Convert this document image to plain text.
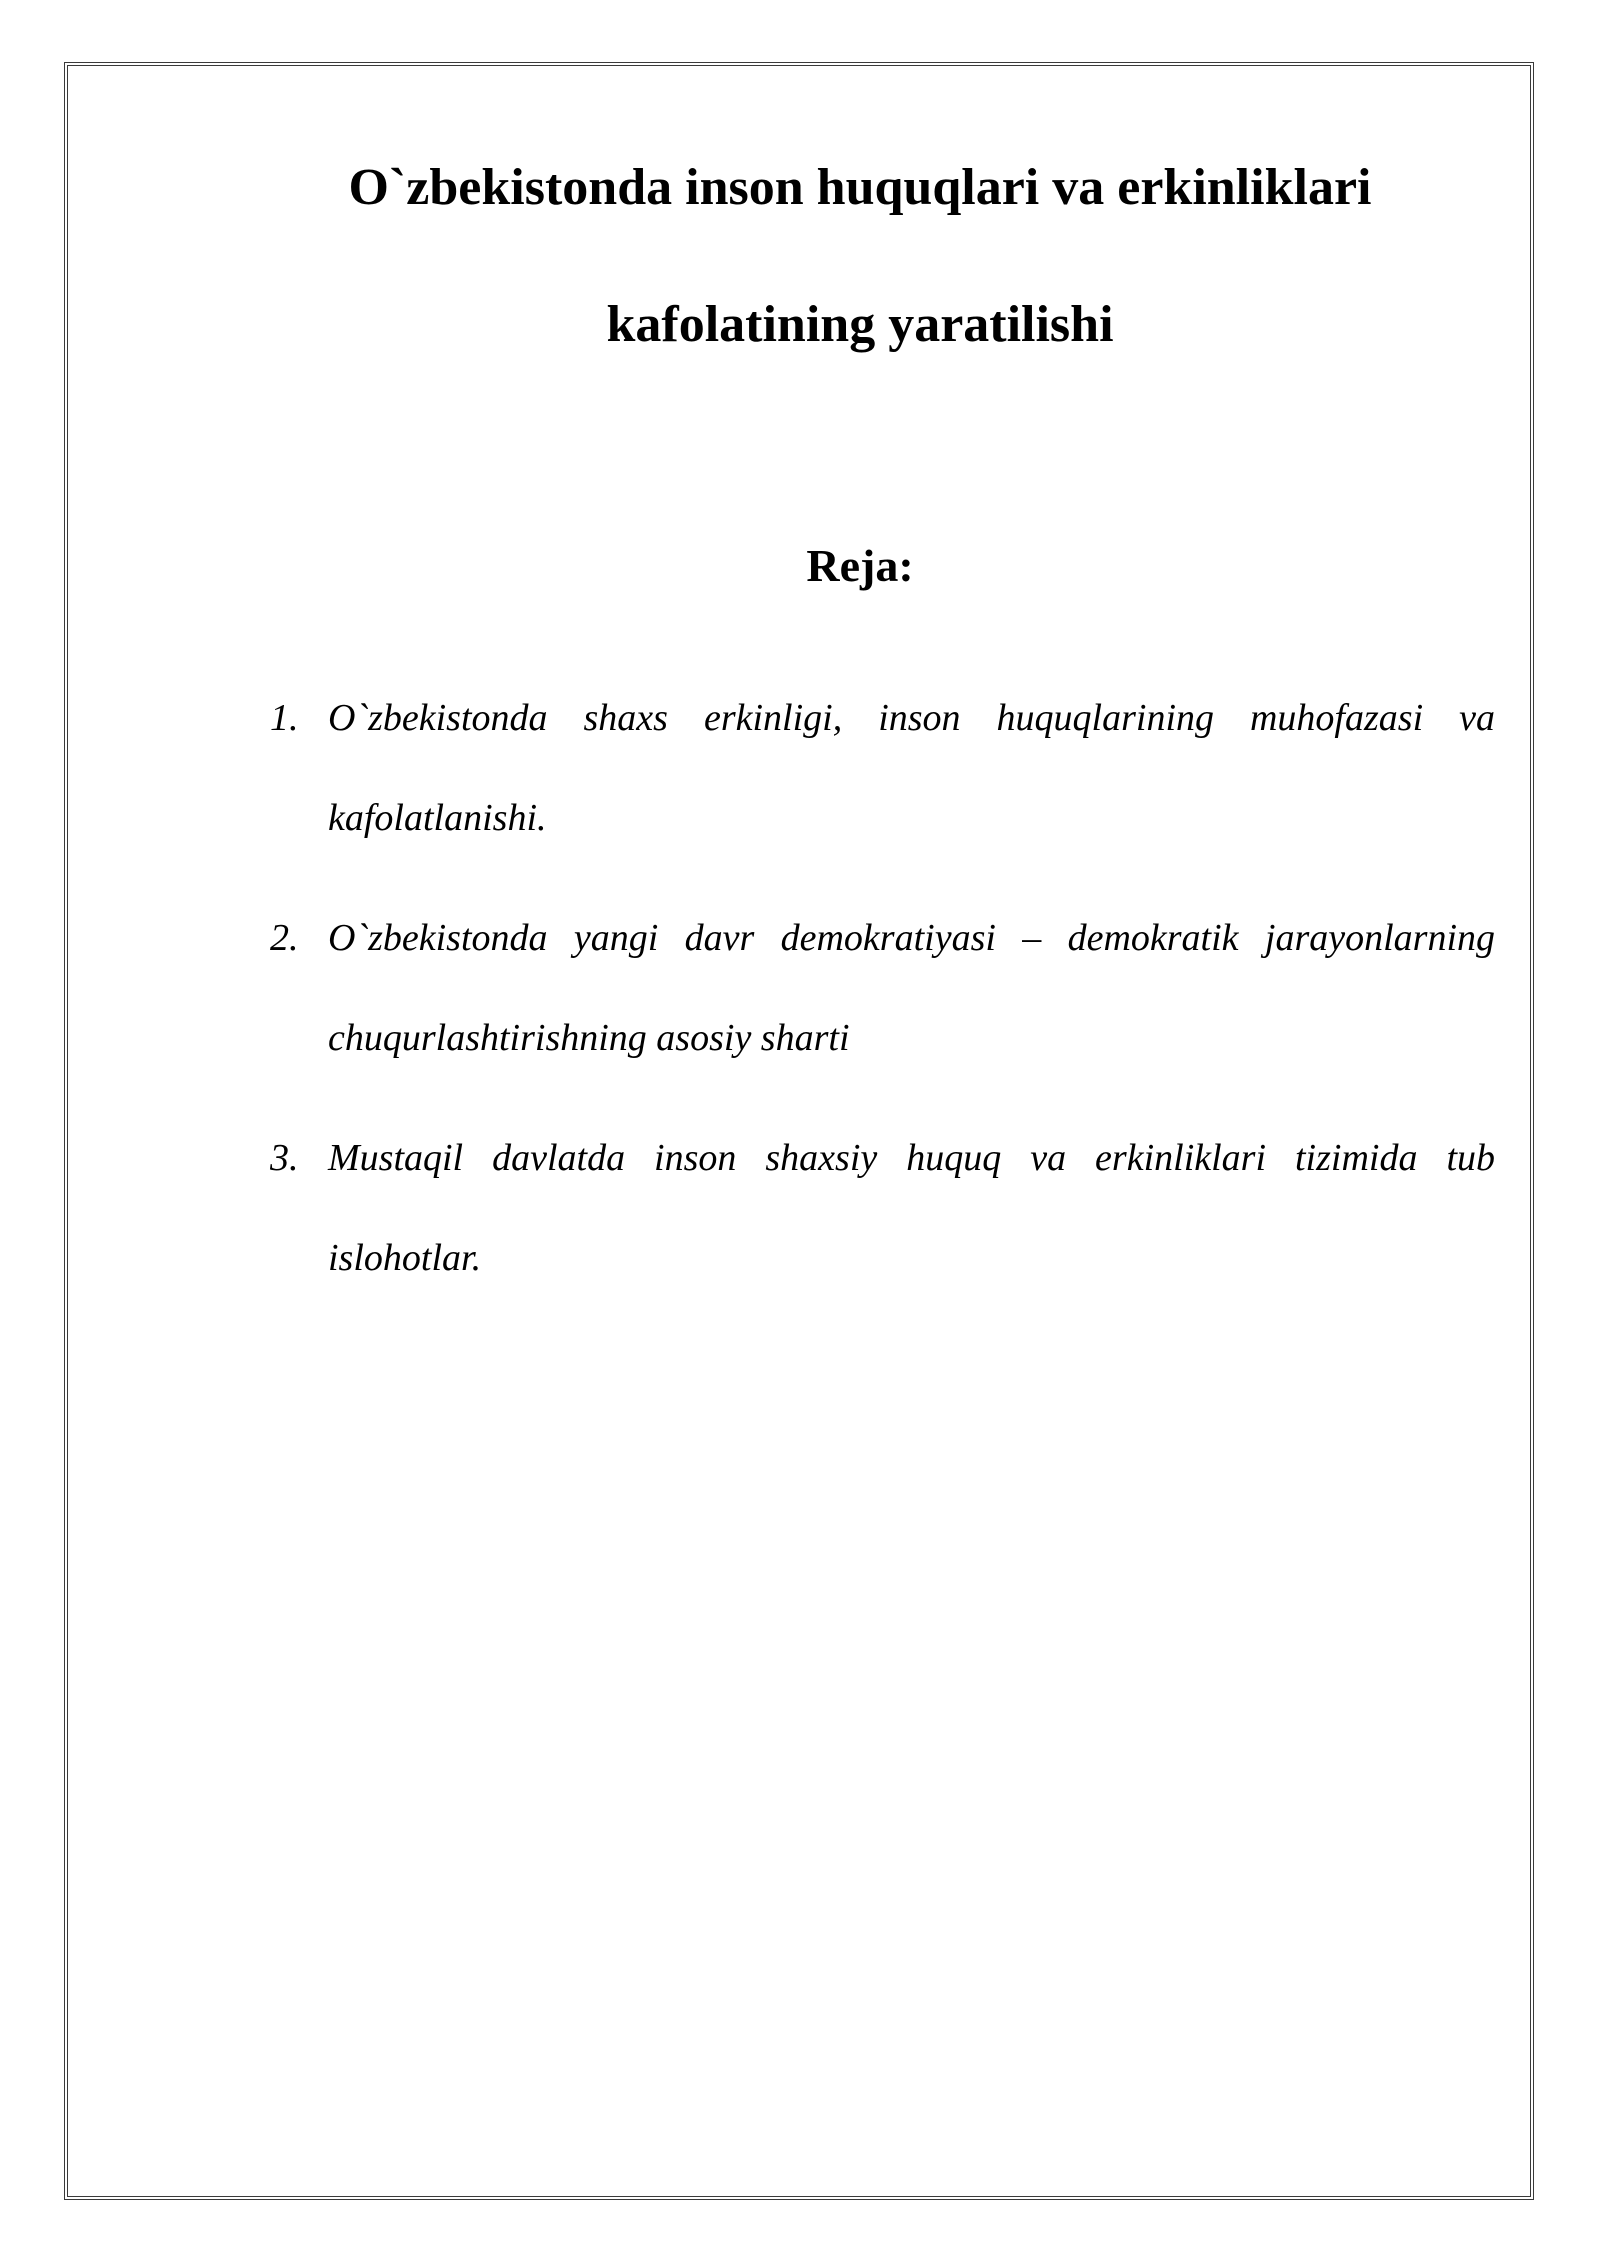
O`zbekistonda inson huquqlari va erkinliklari
kafolatining yaratilishi
Reja:
1. O`zbekistonda shaxs erkinligi, inson huquqlarining muhofazasi va kafolatlanishi.
2. O`zbekistonda yangi davr demokratiyasi – demokratik jarayonlarning chuqurlashtirishning asosiy sharti
3. Mustaqil davlatda inson shaxsiy huquq va erkinliklari tizimida tub islohotlar.
